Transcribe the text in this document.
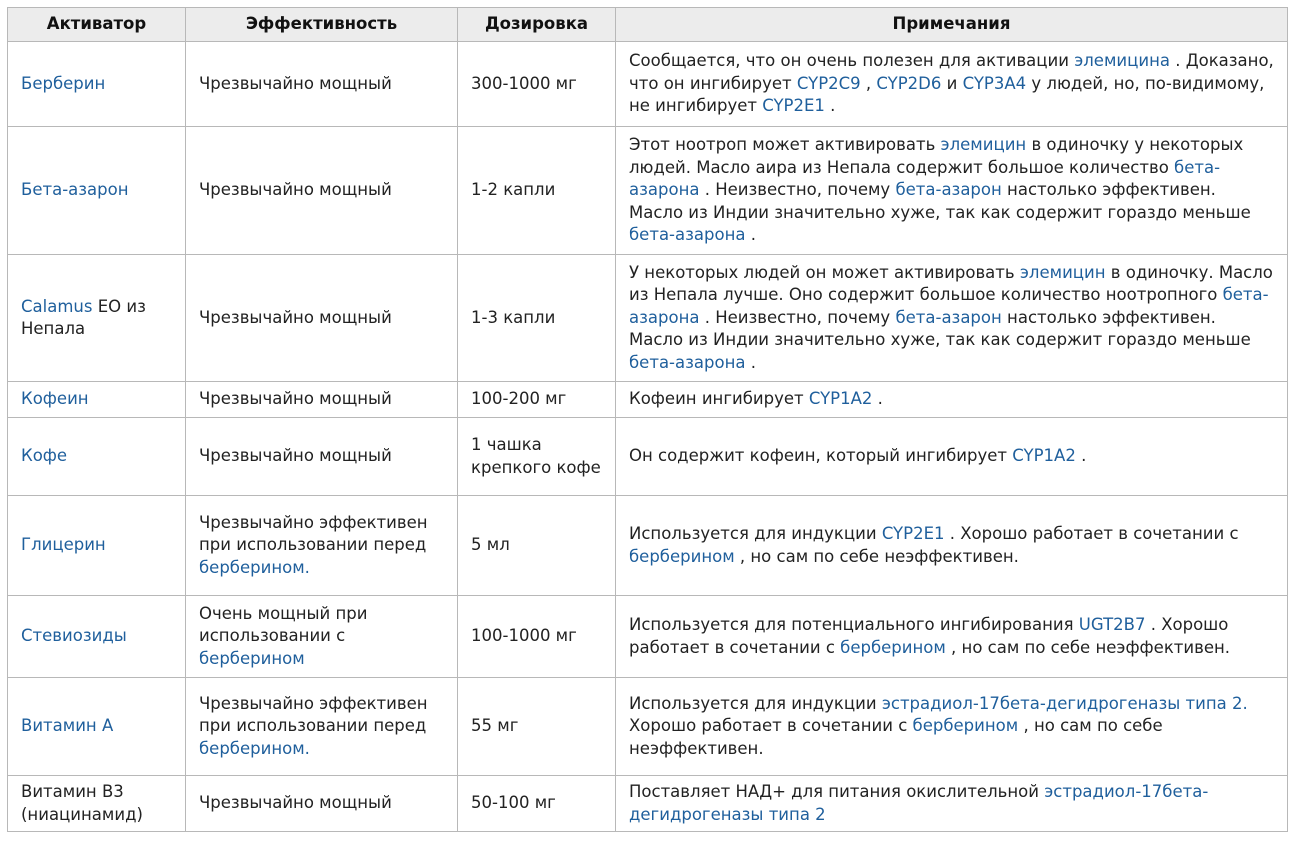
Активатор	Эффективность	Дозировка	Примечания
Берберин	Чрезвычайно мощный	300-1000 мг	Сообщается, что он очень полезен для активации элемицина . Доказано, что он ингибирует CYP2C9 , CYP2D6 и CYP3A4 у людей, но, по-видимому, не ингибирует CYP2E1 .
Бета-азарон	Чрезвычайно мощный	1-2 капли	Этот ноотроп может активировать элемицин в одиночку у некоторых людей. Масло аира из Непала содержит большое количество бета-азарона . Неизвестно, почему бета-азарон настолько эффективен. Масло из Индии значительно хуже, так как содержит гораздо меньше бета-азарона .
Calamus EO из Непала	Чрезвычайно мощный	1-3 капли	У некоторых людей он может активировать элемицин в одиночку. Масло из Непала лучше. Оно содержит большое количество ноотропного бета-азарона . Неизвестно, почему бета-азарон настолько эффективен. Масло из Индии значительно хуже, так как содержит гораздо меньше бета-азарона .
Кофеин	Чрезвычайно мощный	100-200 мг	Кофеин ингибирует CYP1A2 .
Кофе	Чрезвычайно мощный	1 чашка крепкого кофе	Он содержит кофеин, который ингибирует CYP1A2 .
Глицерин	Чрезвычайно эффективен при использовании перед берберином.	5 мл	Используется для индукции CYP2E1 . Хорошо работает в сочетании с берберином , но сам по себе неэффективен.
Стевиозиды	Очень мощный при использовании с берберином	100-1000 мг	Используется для потенциального ингибирования UGT2B7 . Хорошо работает в сочетании с берберином , но сам по себе неэффективен.
Витамин А	Чрезвычайно эффективен при использовании перед берберином.	55 мг	Используется для индукции эстрадиол-17бета-дегидрогеназы типа 2. Хорошо работает в сочетании с берберином , но сам по себе неэффективен.
Витамин B3 (ниацинамид)	Чрезвычайно мощный	50-100 мг	Поставляет НАД+ для питания окислительной эстрадиол-17бета-дегидрогеназы типа 2
